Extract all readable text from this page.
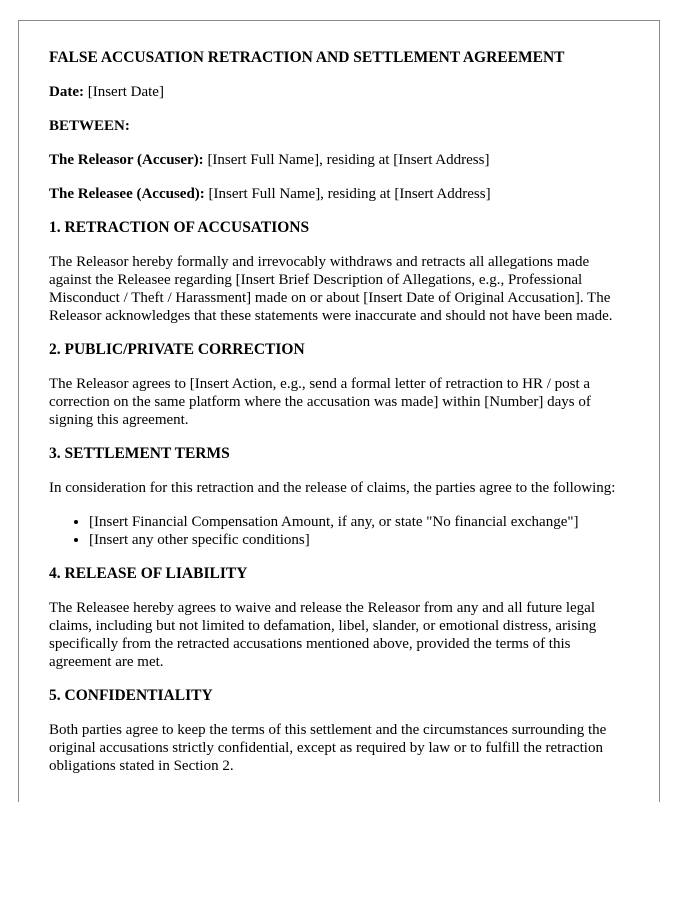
FALSE ACCUSATION RETRACTION AND SETTLEMENT AGREEMENT
Date: [Insert Date]
BETWEEN:
The Releasor (Accuser): [Insert Full Name], residing at [Insert Address]
The Releasee (Accused): [Insert Full Name], residing at [Insert Address]
1. RETRACTION OF ACCUSATIONS
The Releasor hereby formally and irrevocably withdraws and retracts all allegations made against the Releasee regarding [Insert Brief Description of Allegations, e.g., Professional Misconduct / Theft / Harassment] made on or about [Insert Date of Original Accusation]. The Releasor acknowledges that these statements were inaccurate and should not have been made.
2. PUBLIC/PRIVATE CORRECTION
The Releasor agrees to [Insert Action, e.g., send a formal letter of retraction to HR / post a correction on the same platform where the accusation was made] within [Number] days of signing this agreement.
3. SETTLEMENT TERMS
In consideration for this retraction and the release of claims, the parties agree to the following:
• [Insert Financial Compensation Amount, if any, or state "No financial exchange"]
• [Insert any other specific conditions]
4. RELEASE OF LIABILITY
The Releasee hereby agrees to waive and release the Releasor from any and all future legal claims, including but not limited to defamation, libel, slander, or emotional distress, arising specifically from the retracted accusations mentioned above, provided the terms of this agreement are met.
5. CONFIDENTIALITY
Both parties agree to keep the terms of this settlement and the circumstances surrounding the original accusations strictly confidential, except as required by law or to fulfill the retraction obligations stated in Section 2.
